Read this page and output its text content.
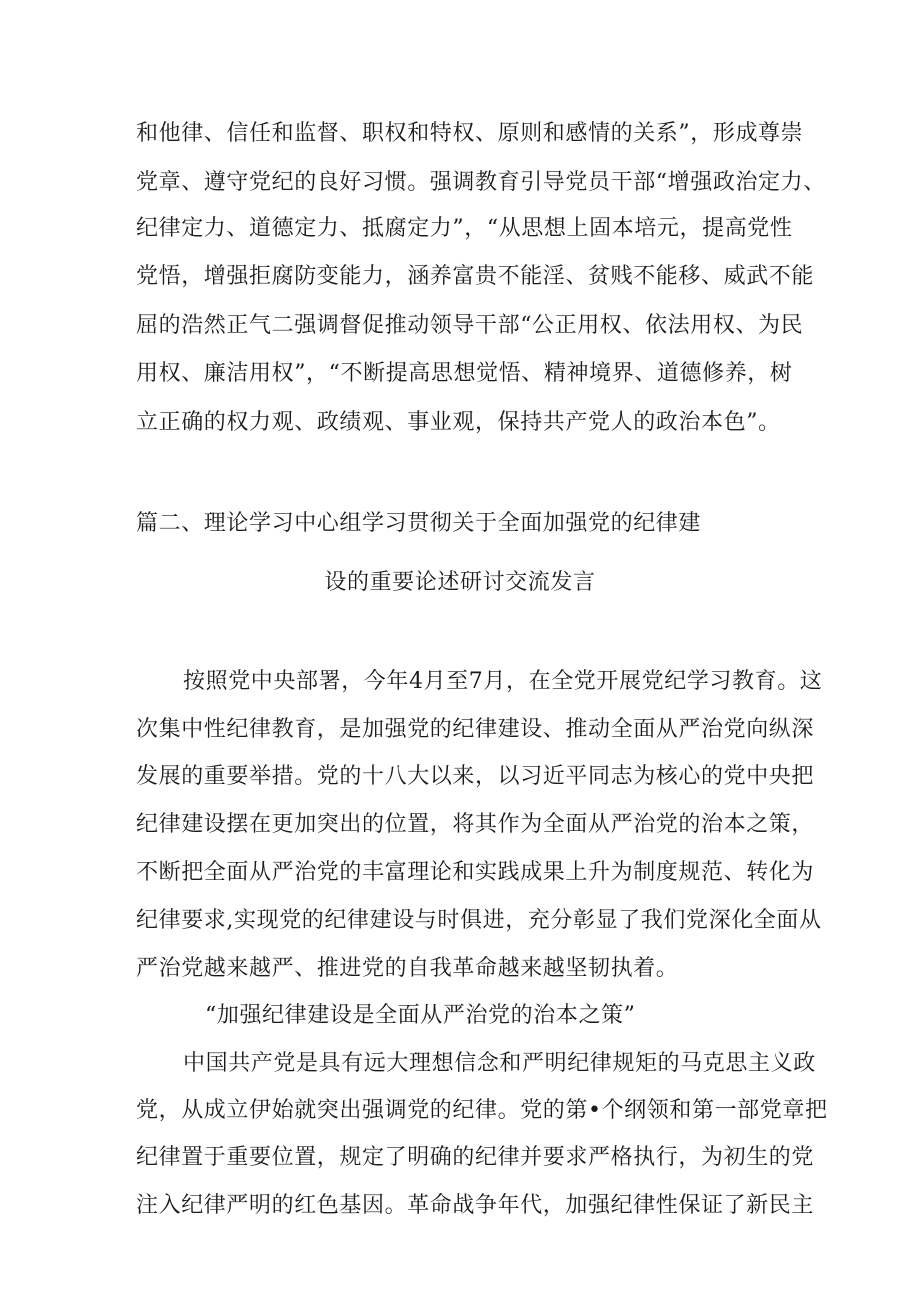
和他律、信任和监督、职权和特权、原则和感情的关系”，形成尊崇
党章、遵守党纪的良好习惯。强调教育引导党员干部“增强政治定力、
纪律定力、道德定力、抵腐定力”，“从思想上固本培元，提高党性
党悟，增强拒腐防变能力，涵养富贵不能淫、贫贱不能移、威武不能
屈的浩然正气二强调督促推动领导干部“公正用权、依法用权、为民
用权、廉洁用权”，“不断提高思想觉悟、精神境界、道德修养，树
立正确的权力观、政绩观、事业观，保持共产党人的政治本色”。
篇二、理论学习中心组学习贯彻关于全面加强党的纪律建
设的重要论述研讨交流发言
按照党中央部署，今年4月至7月，在全党开展党纪学习教育。这
次集中性纪律教育，是加强党的纪律建设、推动全面从严治党向纵深
发展的重要举措。党的十八大以来，以习近平同志为核心的党中央把
纪律建设摆在更加突出的位置，将其作为全面从严治党的治本之策，
不断把全面从严治党的丰富理论和实践成果上升为制度规范、转化为
纪律要求,实现党的纪律建设与时俱进，充分彰显了我们党深化全面从
严治党越来越严、推进党的自我革命越来越坚韧执着。
“加强纪律建设是全面从严治党的治本之策”
中国共产党是具有远大理想信念和严明纪律规矩的马克思主义政
党，从成立伊始就突出强调党的纪律。党的第•个纲领和第一部党章把
纪律置于重要位置，规定了明确的纪律并要求严格执行，为初生的党
注入纪律严明的红色基因。革命战争年代，加强纪律性保证了新民主
